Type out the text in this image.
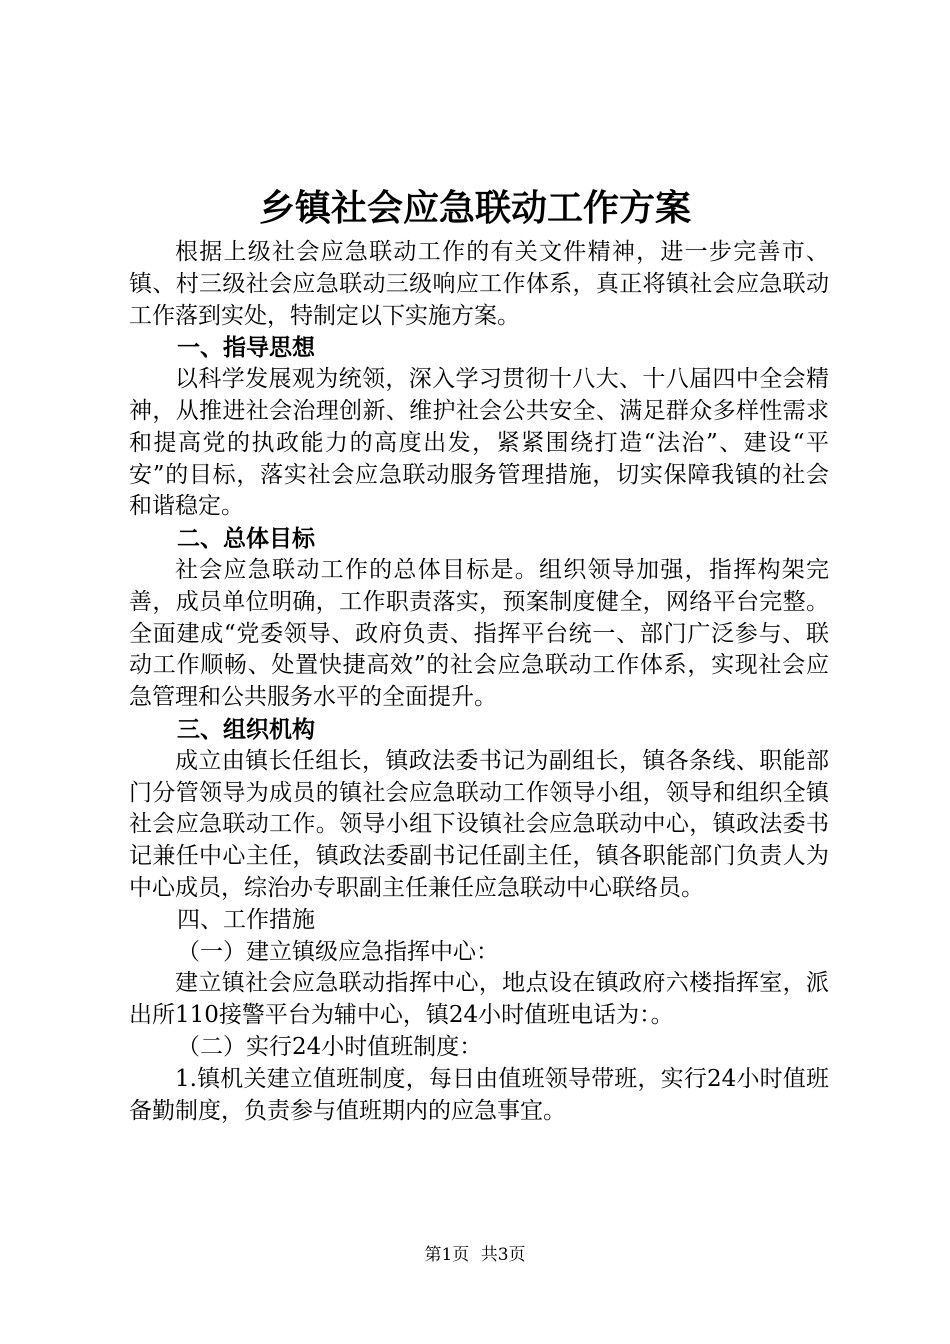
乡镇社会应急联动工作方案

根据上级社会应急联动工作的有关文件精神，进一步完善市、镇、村三级社会应急联动三级响应工作体系，真正将镇社会应急联动工作落到实处，特制定以下实施方案。

一、指导思想

以科学发展观为统领，深入学习贯彻十八大、十八届四中全会精神，从推进社会治理创新、维护社会公共安全、满足群众多样性需求和提高党的执政能力的高度出发，紧紧围绕打造“法治”、建设“平安”的目标，落实社会应急联动服务管理措施，切实保障我镇的社会和谐稳定。

二、总体目标

社会应急联动工作的总体目标是。组织领导加强，指挥构架完善，成员单位明确，工作职责落实，预案制度健全，网络平台完整。全面建成“党委领导、政府负责、指挥平台统一、部门广泛参与、联动工作顺畅、处置快捷高效”的社会应急联动工作体系，实现社会应急管理和公共服务水平的全面提升。

三、组织机构

成立由镇长任组长，镇政法委书记为副组长，镇各条线、职能部门分管领导为成员的镇社会应急联动工作领导小组，领导和组织全镇社会应急联动工作。领导小组下设镇社会应急联动中心，镇政法委书记兼任中心主任，镇政法委副书记任副主任，镇各职能部门负责人为中心成员，综治办专职副主任兼任应急联动中心联络员。

四、工作措施

（一）建立镇级应急指挥中心：

建立镇社会应急联动指挥中心，地点设在镇政府六楼指挥室，派出所110接警平台为辅中心，镇24小时值班电话为：。

（二）实行24小时值班制度：

1.镇机关建立值班制度，每日由值班领导带班，实行24小时值班备勤制度，负责参与值班期内的应急事宜。

第1页 共3页
